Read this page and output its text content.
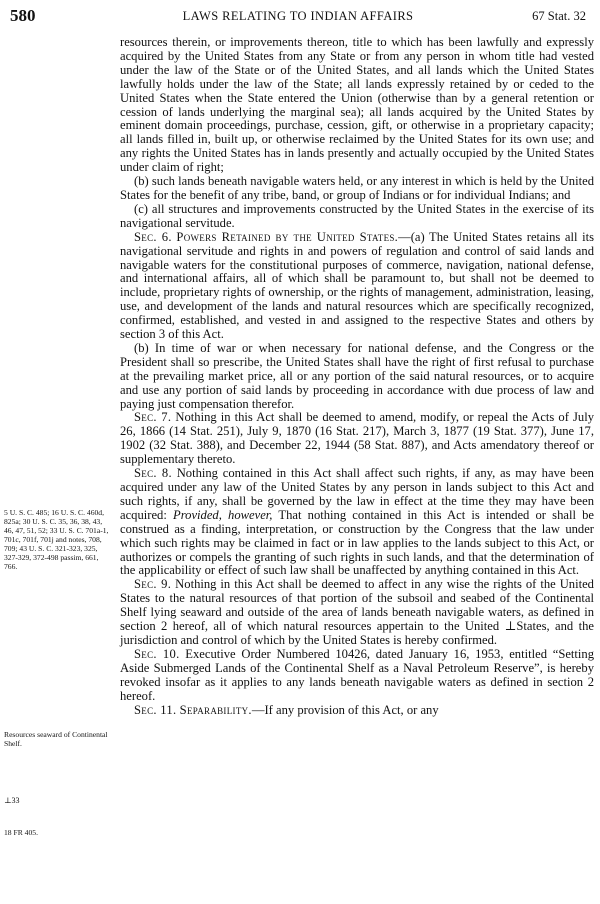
580	LAWS RELATING TO INDIAN AFFAIRS	67 Stat. 32

resources therein, or improvements thereon, title to which has been lawfully and expressly acquired by the United States from any State or from any person in whom title had vested under the law of the State or of the United States, and all lands which the United States lawfully holds under the law of the State; all lands expressly retained by or ceded to the United States when the State entered the Union (otherwise than by a general retention or cession of lands underlying the marginal sea); all lands acquired by the United States by eminent domain proceedings, purchase, cession, gift, or otherwise in a proprietary capacity; all lands filled in, built up, or otherwise reclaimed by the United States for its own use; and any rights the United States has in lands presently and actually occupied by the United States under claim of right;

(b) such lands beneath navigable waters held, or any interest in which is held by the United States for the benefit of any tribe, band, or group of Indians or for individual Indians; and

(c) all structures and improvements constructed by the United States in the exercise of its navigational servitude.

Sec. 6. Powers Retained by the United States.—(a) The United States retains all its navigational servitude and rights in and powers of regulation and control of said lands and navigable waters for the constitutional purposes of commerce, navigation, national defense, and international affairs, all of which shall be paramount to, but shall not be deemed to include, proprietary rights of ownership, or the rights of management, administration, leasing, use, and development of the lands and natural resources which are specifically recognized, confirmed, established, and vested in and assigned to the respective States and others by section 3 of this Act.

(b) In time of war or when necessary for national defense, and the Congress or the President shall so prescribe, the United States shall have the right of first refusal to purchase at the prevailing market price, all or any portion of the said natural resources, or to acquire and use any portion of said lands by proceeding in accordance with due process of law and paying just compensation therefor.

Sec. 7. Nothing in this Act shall be deemed to amend, modify, or repeal the Acts of July 26, 1866 (14 Stat. 251), July 9, 1870 (16 Stat. 217), March 3, 1877 (19 Stat. 377), June 17, 1902 (32 Stat. 388), and December 22, 1944 (58 Stat. 887), and Acts amendatory thereof or supplementary thereto.

Sec. 8. Nothing contained in this Act shall affect such rights, if any, as may have been acquired under any law of the United States by any person in lands subject to this Act and such rights, if any, shall be governed by the law in effect at the time they may have been acquired: Provided, however, That nothing contained in this Act is intended or shall be construed as a finding, interpretation, or construction by the Congress that the law under which such rights may be claimed in fact or in law applies to the lands subject to this Act, or authorizes or compels the granting of such rights in such lands, and that the determination of the applicability or effect of such law shall be unaffected by anything contained in this Act.

Sec. 9. Nothing in this Act shall be deemed to affect in any wise the rights of the United States to the natural resources of that portion of the subsoil and seabed of the Continental Shelf lying seaward and outside of the area of lands beneath navigable waters, as defined in section 2 hereof, all of which natural resources appertain to the United ⊥States, and the jurisdiction and control of which by the United States is hereby confirmed.

Sec. 10. Executive Order Numbered 10426, dated January 16, 1953, entitled “Setting Aside Submerged Lands of the Continental Shelf as a Naval Petroleum Reserve”, is hereby revoked insofar as it applies to any lands beneath navigable waters as defined in section 2 hereof.

Sec. 11. Separability.—If any provision of this Act, or any

5 U. S. C. 485; 16 U. S. C. 460d, 825a; 30 U. S. C. 35, 36, 38, 43, 46, 47, 51, 52; 33 U. S. C. 701a-1, 701c, 701f, 701j and notes, 708, 709; 43 U. S. C. 321-323, 325, 327-329, 372-498 passim, 661, 766.
Resources seaward of Continental Shelf.
⊥33
18 FR 405.
